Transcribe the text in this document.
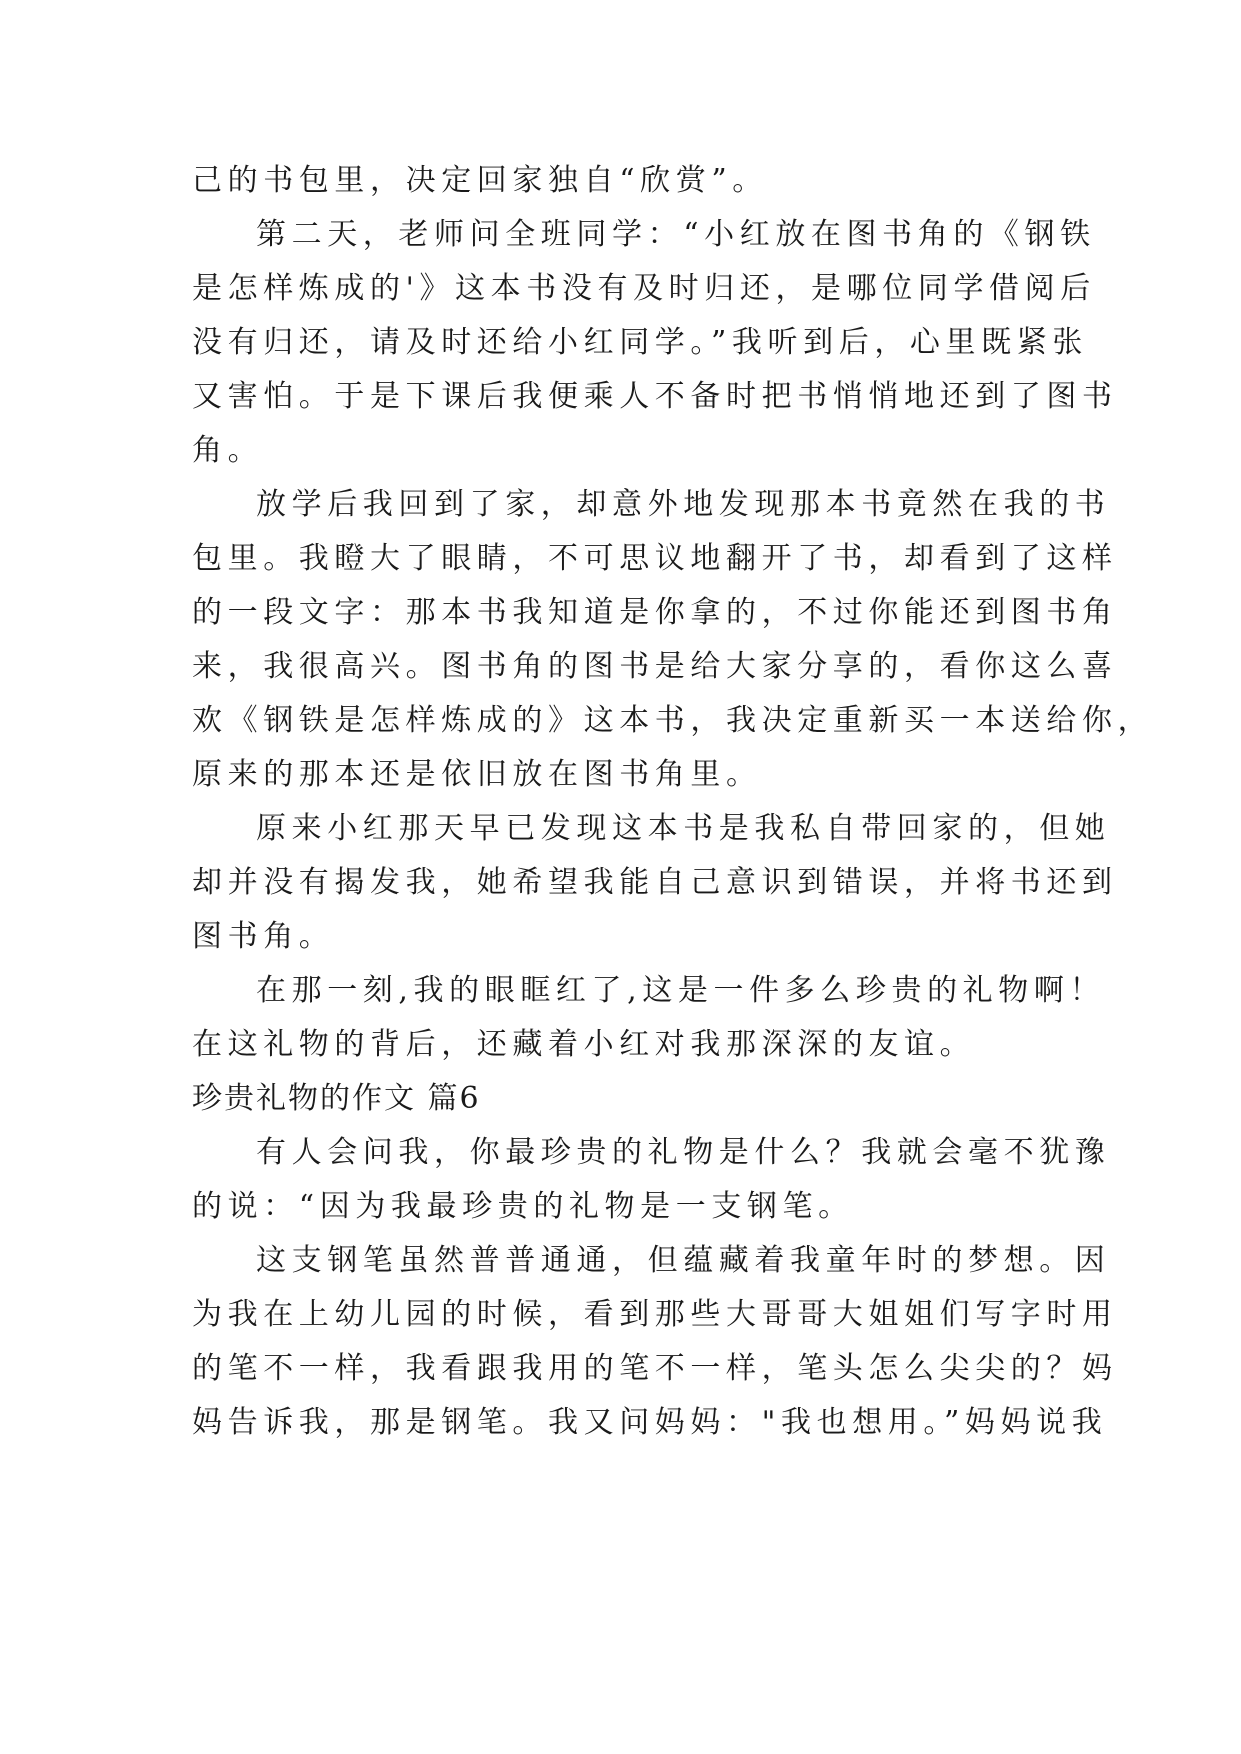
己的书包里，决定回家独自“欣赏”。
第二天，老师问全班同学：“小红放在图书角的《钢铁
是怎样炼成的'》这本书没有及时归还，是哪位同学借阅后
没有归还，请及时还给小红同学。”我听到后，心里既紧张
又害怕。于是下课后我便乘人不备时把书悄悄地还到了图书
角。
放学后我回到了家，却意外地发现那本书竟然在我的书
包里。我瞪大了眼睛，不可思议地翻开了书，却看到了这样
的一段文字：那本书我知道是你拿的，不过你能还到图书角
来，我很高兴。图书角的图书是给大家分享的，看你这么喜
欢《钢铁是怎样炼成的》这本书，我决定重新买一本送给你，
原来的那本还是依旧放在图书角里。
原来小红那天早已发现这本书是我私自带回家的，但她
却并没有揭发我，她希望我能自己意识到错误，并将书还到
图书角。
在那一刻,我的眼眶红了,这是一件多么珍贵的礼物啊！
在这礼物的背后，还藏着小红对我那深深的友谊。
珍贵礼物的作文 篇6
有人会问我，你最珍贵的礼物是什么？我就会毫不犹豫
的说：“因为我最珍贵的礼物是一支钢笔。
这支钢笔虽然普普通通，但蕴藏着我童年时的梦想。因
为我在上幼儿园的时候，看到那些大哥哥大姐姐们写字时用
的笔不一样，我看跟我用的笔不一样，笔头怎么尖尖的？妈
妈告诉我，那是钢笔。我又问妈妈："我也想用。”妈妈说我
